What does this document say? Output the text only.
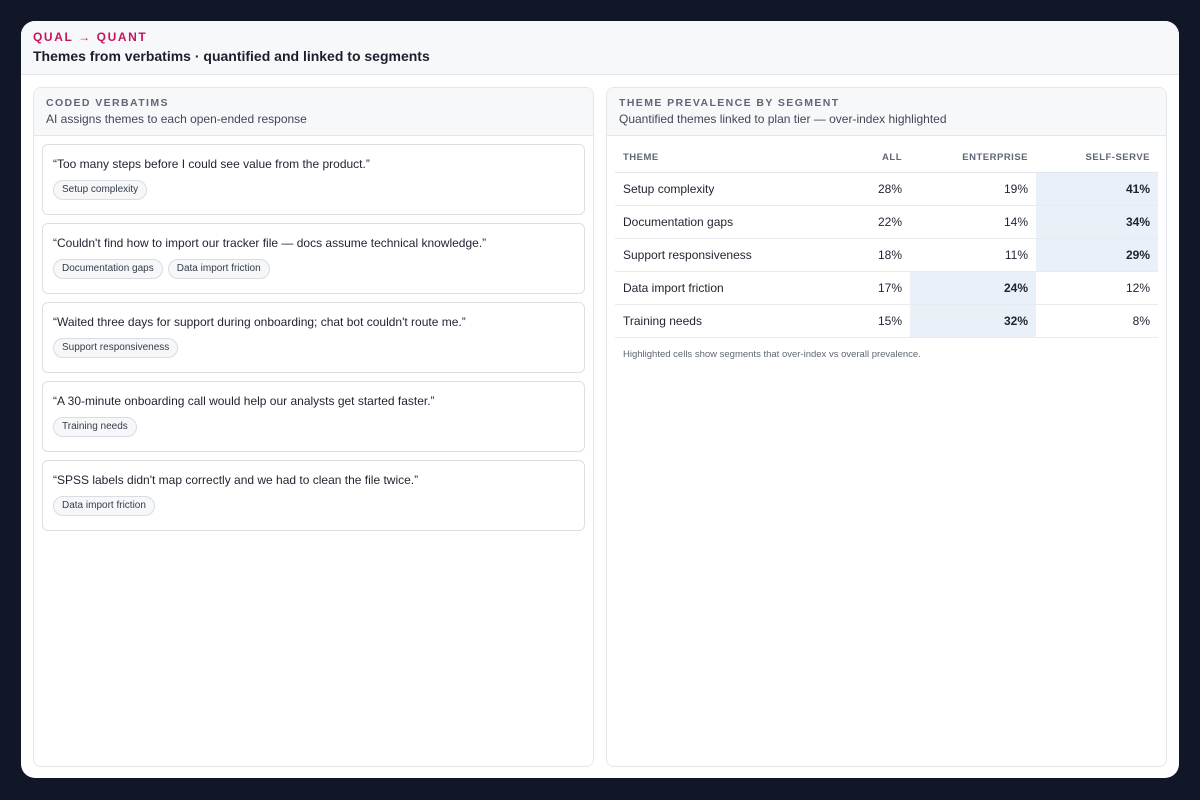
QUAL → QUANT
Themes from verbatims · quantified and linked to segments
CODED VERBATIMS
AI assigns themes to each open-ended response
“Too many steps before I could see value from the product.”
Setup complexity
“Couldn't find how to import our tracker file — docs assume technical knowledge.”
Documentation gaps	Data import friction
“Waited three days for support during onboarding; chat bot couldn't route me.”
Support responsiveness
“A 30-minute onboarding call would help our analysts get started faster.”
Training needs
“SPSS labels didn't map correctly and we had to clean the file twice.”
Data import friction
THEME PREVALENCE BY SEGMENT
Quantified themes linked to plan tier — over-index highlighted
THEME	ALL	ENTERPRISE	SELF-SERVE
Setup complexity	28%	19%	41%
Documentation gaps	22%	14%	34%
Support responsiveness	18%	11%	29%
Data import friction	17%	24%	12%
Training needs	15%	32%	8%
Highlighted cells show segments that over-index vs overall prevalence.
